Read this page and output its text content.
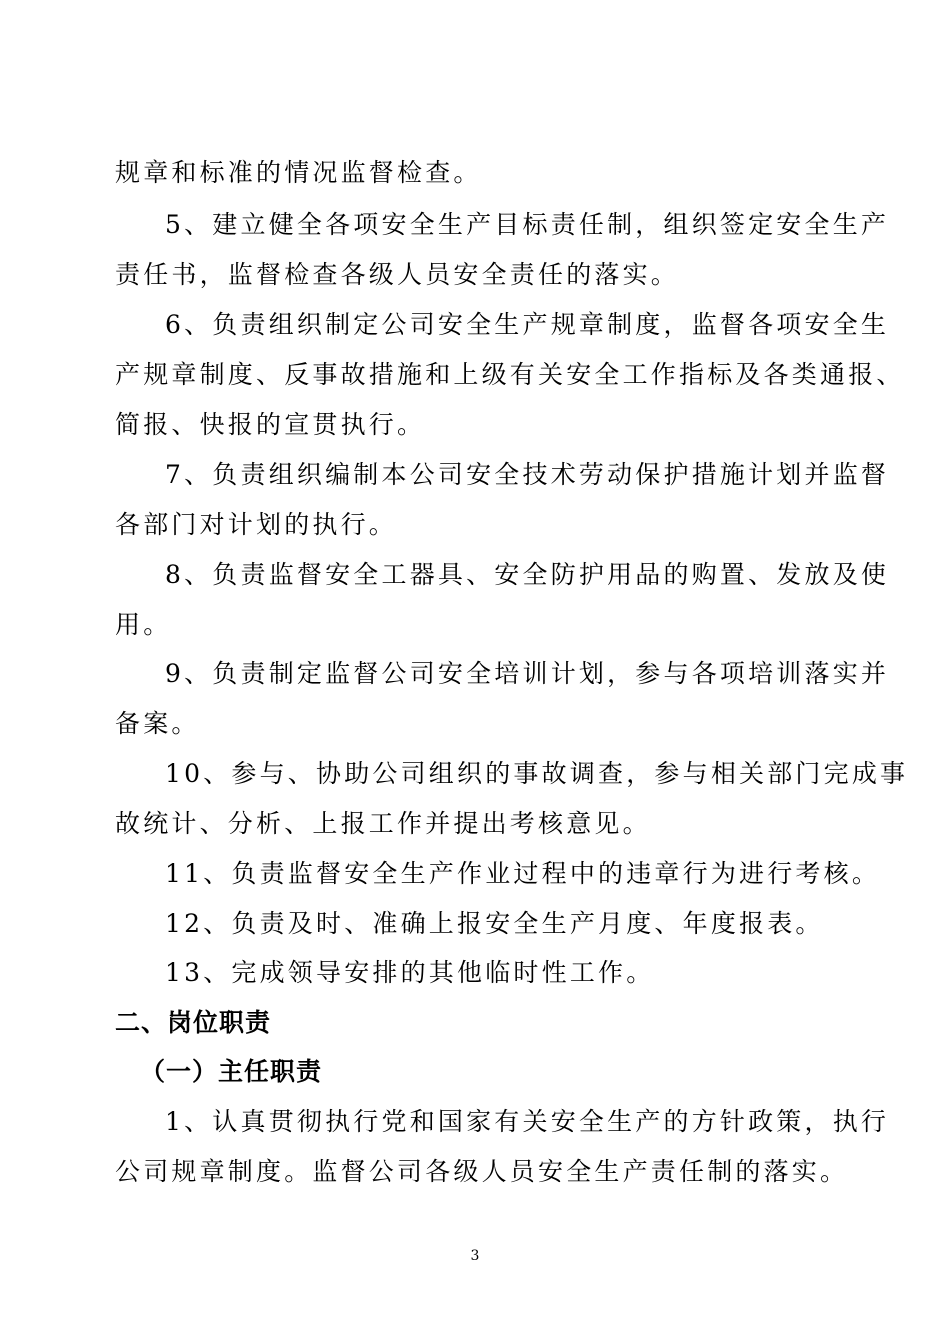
规章和标准的情况监督检查。
5、建立健全各项安全生产目标责任制，组织签定安全生产
责任书，监督检查各级人员安全责任的落实。
6、负责组织制定公司安全生产规章制度，监督各项安全生
产规章制度、反事故措施和上级有关安全工作指标及各类通报、
简报、快报的宣贯执行。
7、负责组织编制本公司安全技术劳动保护措施计划并监督
各部门对计划的执行。
8、负责监督安全工器具、安全防护用品的购置、发放及使
用。
9、负责制定监督公司安全培训计划，参与各项培训落实并
备案。
10、参与、协助公司组织的事故调查，参与相关部门完成事
故统计、分析、上报工作并提出考核意见。
11、负责监督安全生产作业过程中的违章行为进行考核。
12、负责及时、准确上报安全生产月度、年度报表。
13、完成领导安排的其他临时性工作。
二、岗位职责
（一）主任职责
1、认真贯彻执行党和国家有关安全生产的方针政策，执行
公司规章制度。监督公司各级人员安全生产责任制的落实。
3
